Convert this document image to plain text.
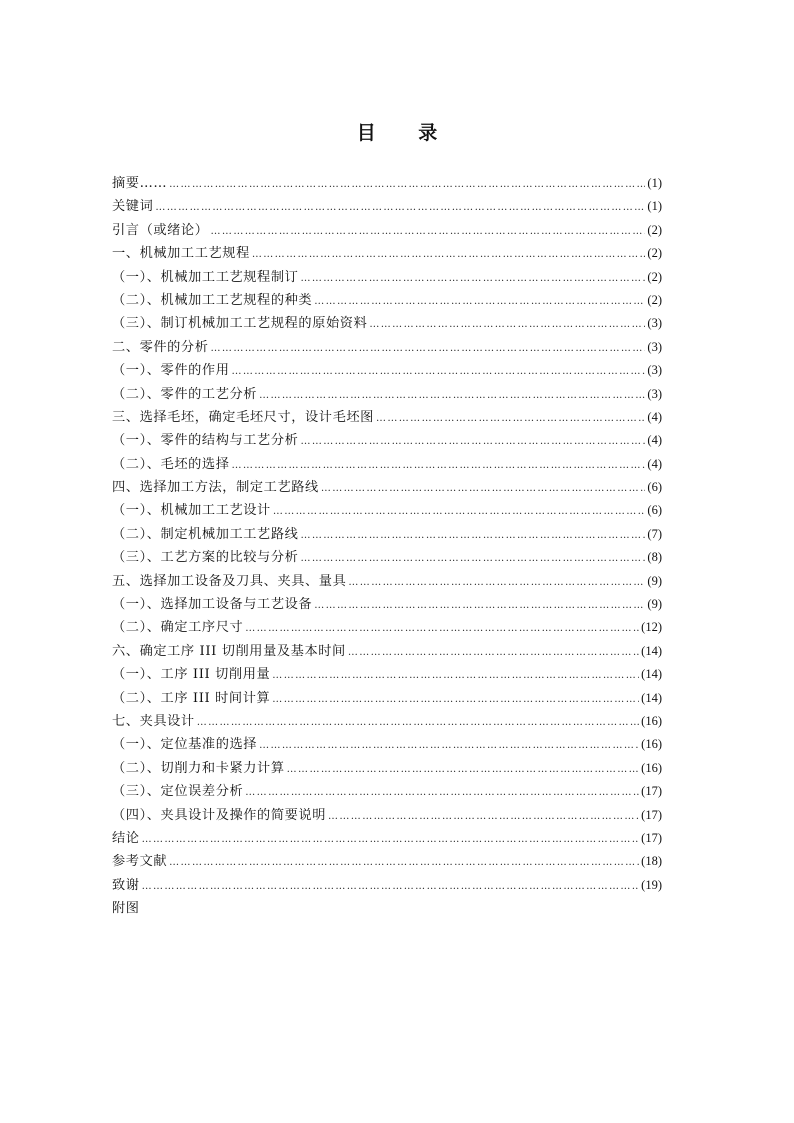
目 录
摘要…… …………………………………………………………………………………………………………………………………………………………………………………………………………	(1)
关键词 …………………………………………………………………………………………………………………………………………………………………………………………………………	(1)
引言（或绪论） …………………………………………………………………………………………………………………………………………………………………………………………………………	(2)
一、机械加工工艺规程 …………………………………………………………………………………………………………………………………………………………………………………………………………	(2)
（一）、机械加工工艺规程制订 …………………………………………………………………………………………………………………………………………………………………………………………………………	(2)
（二）、机械加工工艺规程的种类 …………………………………………………………………………………………………………………………………………………………………………………………………………	(2)
（三）、制订机械加工工艺规程的原始资料 …………………………………………………………………………………………………………………………………………………………………………………………………………	(3)
二、零件的分析 …………………………………………………………………………………………………………………………………………………………………………………………………………	(3)
（一）、零件的作用 …………………………………………………………………………………………………………………………………………………………………………………………………………	(3)
（二）、零件的工艺分析 …………………………………………………………………………………………………………………………………………………………………………………………………………	(3)
三、选择毛坯，确定毛坯尺寸，设计毛坯图 …………………………………………………………………………………………………………………………………………………………………………………………………………	(4)
（一）、零件的结构与工艺分析 …………………………………………………………………………………………………………………………………………………………………………………………………………	(4)
（二）、毛坯的选择 …………………………………………………………………………………………………………………………………………………………………………………………………………	(4)
四、选择加工方法，制定工艺路线 …………………………………………………………………………………………………………………………………………………………………………………………………………	(6)
（一）、机械加工工艺设计 …………………………………………………………………………………………………………………………………………………………………………………………………………	(6)
（二）、制定机械加工工艺路线 …………………………………………………………………………………………………………………………………………………………………………………………………………	(7)
（三）、工艺方案的比较与分析 …………………………………………………………………………………………………………………………………………………………………………………………………………	(8)
五、选择加工设备及刀具、夹具、量具 …………………………………………………………………………………………………………………………………………………………………………………………………………	(9)
（一）、选择加工设备与工艺设备 …………………………………………………………………………………………………………………………………………………………………………………………………………	(9)
（二）、确定工序尺寸 …………………………………………………………………………………………………………………………………………………………………………………………………………	(12)
六、确定工序 III 切削用量及基本时间 …………………………………………………………………………………………………………………………………………………………………………………………………………	(14)
（一）、工序 III 切削用量 …………………………………………………………………………………………………………………………………………………………………………………………………………	(14)
（二）、工序 III 时间计算 …………………………………………………………………………………………………………………………………………………………………………………………………………	(14)
七、夹具设计 …………………………………………………………………………………………………………………………………………………………………………………………………………	(16)
（一）、定位基准的选择 …………………………………………………………………………………………………………………………………………………………………………………………………………	(16)
（二）、切削力和卡紧力计算 …………………………………………………………………………………………………………………………………………………………………………………………………………	(16)
（三）、定位误差分析 …………………………………………………………………………………………………………………………………………………………………………………………………………	(17)
（四）、夹具设计及操作的简要说明 …………………………………………………………………………………………………………………………………………………………………………………………………………	(17)
结论 …………………………………………………………………………………………………………………………………………………………………………………………………………	(17)
参考文献 …………………………………………………………………………………………………………………………………………………………………………………………………………	(18)
致谢 …………………………………………………………………………………………………………………………………………………………………………………………………………	(19)
附图
